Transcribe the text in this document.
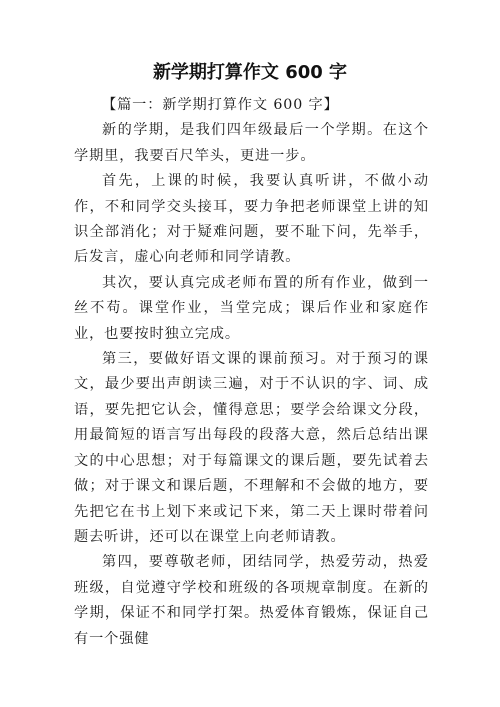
新学期打算作文 600 字

【篇一：新学期打算作文 600 字】

新的学期，是我们四年级最后一个学期。在这个学期里，我要百尺竿头，更进一步。

首先，上课的时候，我要认真听讲，不做小动作，不和同学交头接耳，要力争把老师课堂上讲的知识全部消化；对于疑难问题，要不耻下问，先举手，后发言，虚心向老师和同学请教。

其次，要认真完成老师布置的所有作业，做到一丝不苟。课堂作业，当堂完成；课后作业和家庭作业，也要按时独立完成。

第三，要做好语文课的课前预习。对于预习的课文，最少要出声朗读三遍，对于不认识的字、词、成语，要先把它认会，懂得意思；要学会给课文分段，用最简短的语言写出每段的段落大意，然后总结出课文的中心思想；对于每篇课文的课后题，要先试着去做；对于课文和课后题，不理解和不会做的地方，要先把它在书上划下来或记下来，第二天上课时带着问题去听讲，还可以在课堂上向老师请教。

第四，要尊敬老师，团结同学，热爱劳动，热爱班级，自觉遵守学校和班级的各项规章制度。在新的学期，保证不和同学打架。热爱体育锻炼，保证自己有一个强健
